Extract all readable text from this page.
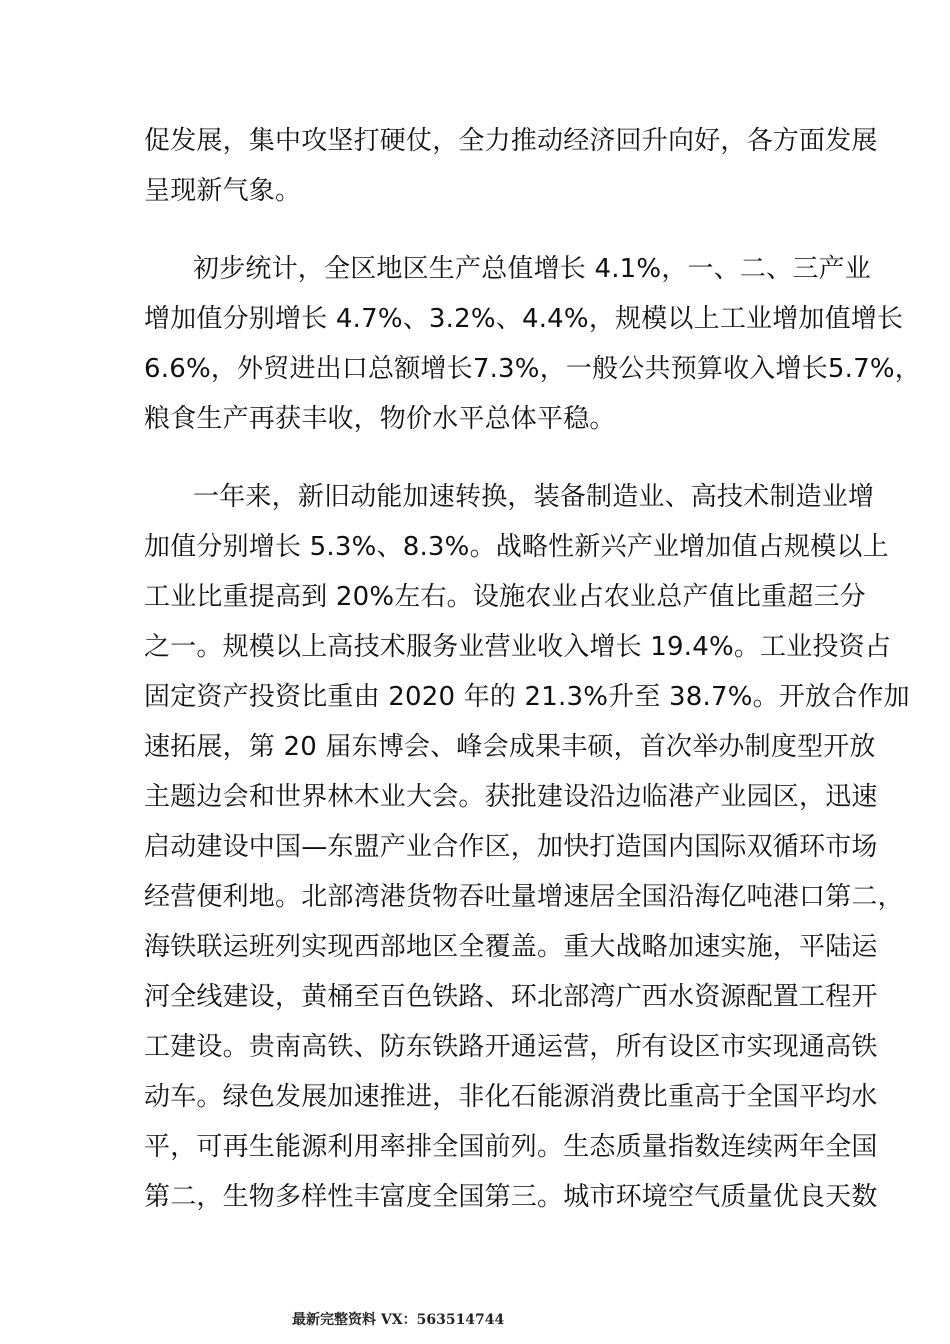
促发展，集中攻坚打硬仗，全力推动经济回升向好，各方面发展
呈现新气象。
初步统计，全区地区生产总值增长 4.1%，一、二、三产业
增加值分别增长 4.7%、3.2%、4.4%，规模以上工业增加值增长
6.6%，外贸进出口总额增长7.3%，一般公共预算收入增长5.7%，
粮食生产再获丰收，物价水平总体平稳。
一年来，新旧动能加速转换，装备制造业、高技术制造业增
加值分别增长 5.3%、8.3%。战略性新兴产业增加值占规模以上
工业比重提高到 20%左右。设施农业占农业总产值比重超三分
之一。规模以上高技术服务业营业收入增长 19.4%。工业投资占
固定资产投资比重由 2020 年的 21.3%升至 38.7%。开放合作加
速拓展，第 20 届东博会、峰会成果丰硕，首次举办制度型开放
主题边会和世界林木业大会。获批建设沿边临港产业园区，迅速
启动建设中国—东盟产业合作区，加快打造国内国际双循环市场
经营便利地。北部湾港货物吞吐量增速居全国沿海亿吨港口第二，
海铁联运班列实现西部地区全覆盖。重大战略加速实施，平陆运
河全线建设，黄桶至百色铁路、环北部湾广西水资源配置工程开
工建设。贵南高铁、防东铁路开通运营，所有设区市实现通高铁
动车。绿色发展加速推进，非化石能源消费比重高于全国平均水
平，可再生能源利用率排全国前列。生态质量指数连续两年全国
第二，生物多样性丰富度全国第三。城市环境空气质量优良天数
最新完整资料 VX：563514744
